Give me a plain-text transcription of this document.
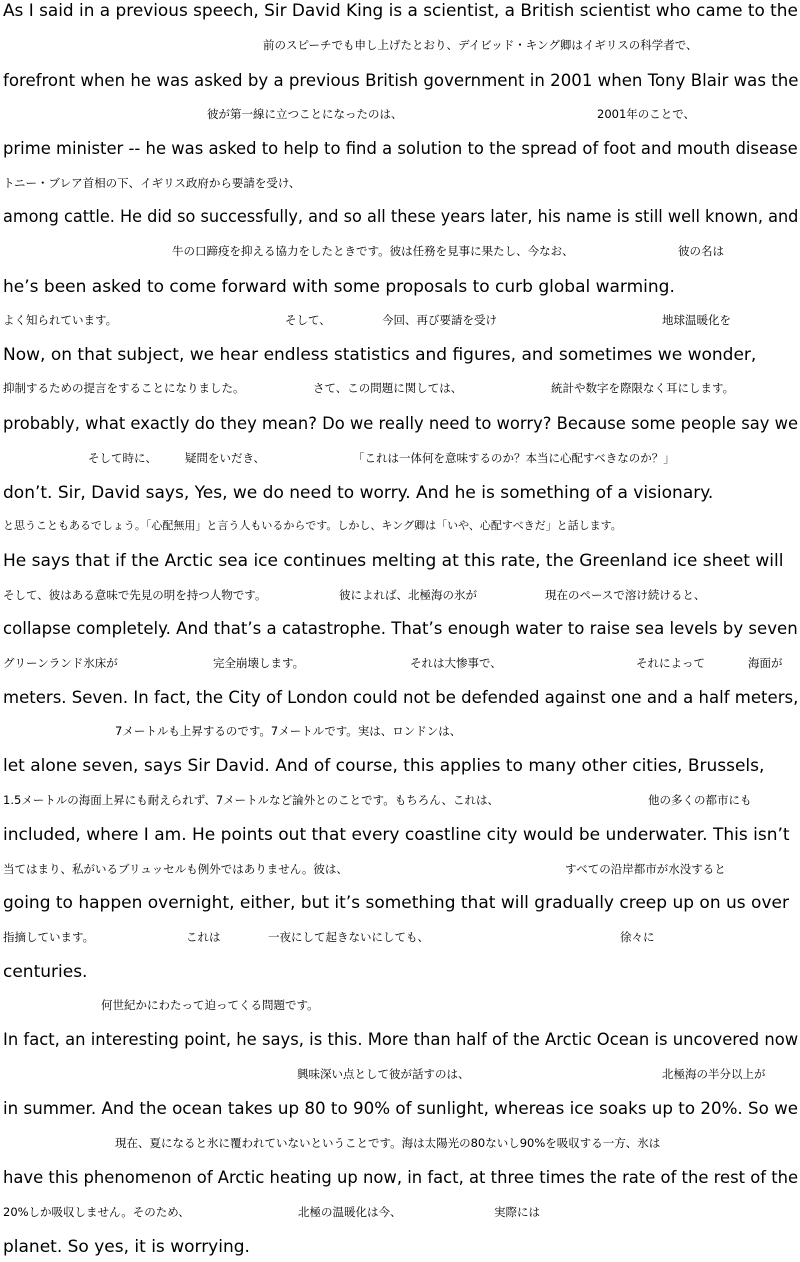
As I said in a previous speech, Sir David King is a scientist, a British scientist who came to the
前のスピーチでも申し上げたとおり、デイビッド・キング卿はイギリスの科学者で、
forefront when he was asked by a previous British government in 2001 when Tony Blair was the
彼が第一線に立つことになったのは、	2001年のことで、
prime minister -- he was asked to help to find a solution to the spread of foot and mouth disease
トニー・ブレア首相の下、イギリス政府から要請を受け、
among cattle. He did so successfully, and so all these years later, his name is still well known, and
牛の口蹄疫を抑える協力をしたときです。彼は任務を見事に果たし、今なお、	彼の名は
he’s been asked to come forward with some proposals to curb global warming.
よく知られています。	そして、	今回、再び要請を受け	地球温暖化を
Now, on that subject, we hear endless statistics and figures, and sometimes we wonder,
抑制するための提言をすることになりました。	さて、この問題に関しては、	統計や数字を際限なく耳にします。
probably, what exactly do they mean? Do we really need to worry? Because some people say we
そして時に、 疑問をいだき、	「これは一体何を意味するのか？本当に心配すべきなのか？」
don’t. Sir, David says, Yes, we do need to worry. And he is something of a visionary.
と思うこともあるでしょう。「心配無用」と言う人もいるからです。しかし、キング卿は「いや、心配すべきだ」と話します。
He says that if the Arctic sea ice continues melting at this rate, the Greenland ice sheet will
そして、彼はある意味で先見の明を持つ人物です。	彼によれば、北極海の氷が	現在のペースで溶け続けると、
collapse completely. And that’s a catastrophe. That’s enough water to raise sea levels by seven
グリーンランド氷床が	完全崩壊します。	それは大惨事で、	それによって	海面が
meters. Seven. In fact, the City of London could not be defended against one and a half meters,
7メートルも上昇するのです。7メートルです。実は、ロンドンは、
let alone seven, says Sir David. And of course, this applies to many other cities, Brussels,
1.5メートルの海面上昇にも耐えられず、7メートルなど論外とのことです。もちろん、これは、	他の多くの都市にも
included, where I am. He points out that every coastline city would be underwater. This isn’t
当てはまり、私がいるブリュッセルも例外ではありません。彼は、	すべての沿岸都市が水没すると
going to happen overnight, either, but it’s something that will gradually creep up on us over
指摘しています。	これは	一夜にして起きないにしても、	徐々に
centuries.
何世紀かにわたって迫ってくる問題です。
In fact, an interesting point, he says, is this. More than half of the Arctic Ocean is uncovered now
興味深い点として彼が話すのは、	北極海の半分以上が
in summer. And the ocean takes up 80 to 90% of sunlight, whereas ice soaks up to 20%. So we
現在、夏になると氷に覆われていないということです。海は太陽光の80ないし90%を吸収する一方、氷は
have this phenomenon of Arctic heating up now, in fact, at three times the rate of the rest of the
20%しか吸収しません。そのため、	北極の温暖化は今、	実際には
planet. So yes, it is worrying.
